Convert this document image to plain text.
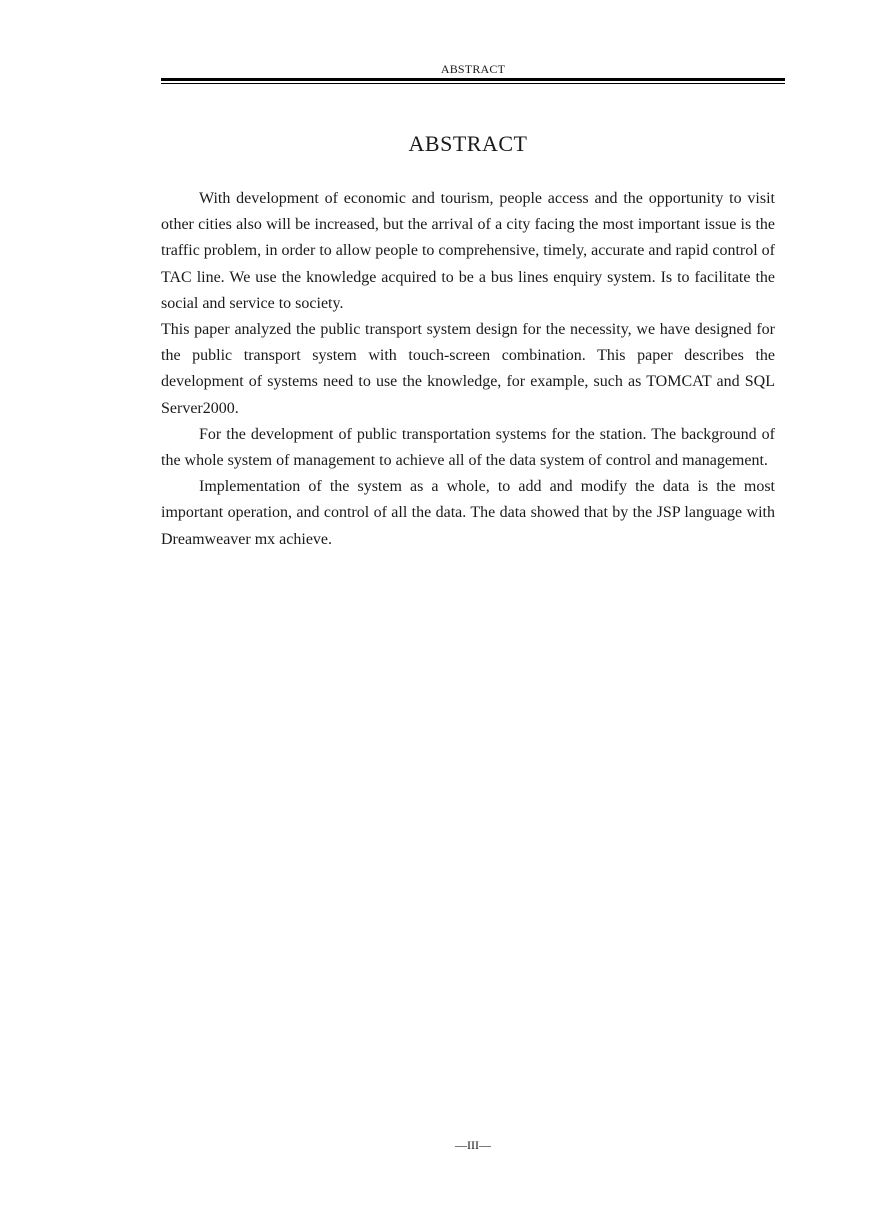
ABSTRACT
ABSTRACT

With development of economic and tourism, people access and the opportunity to visit other cities also will be increased, but the arrival of a city facing the most important issue is the traffic problem, in order to allow people to comprehensive, timely, accurate and rapid control of TAC line. We use the knowledge acquired to be a bus lines enquiry system. Is to facilitate the social and service to society.

This paper analyzed the public transport system design for the necessity, we have designed for the public transport system with touch-screen combination. This paper describes the development of systems need to use the knowledge, for example, such as TOMCAT and SQL Server2000.

For the development of public transportation systems for the station. The background of the whole system of management to achieve all of the data system of control and management.

Implementation of the system as a whole, to add and modify the data is the most important operation, and control of all the data. The data showed that by the JSP language with Dreamweaver mx achieve.

—III—
